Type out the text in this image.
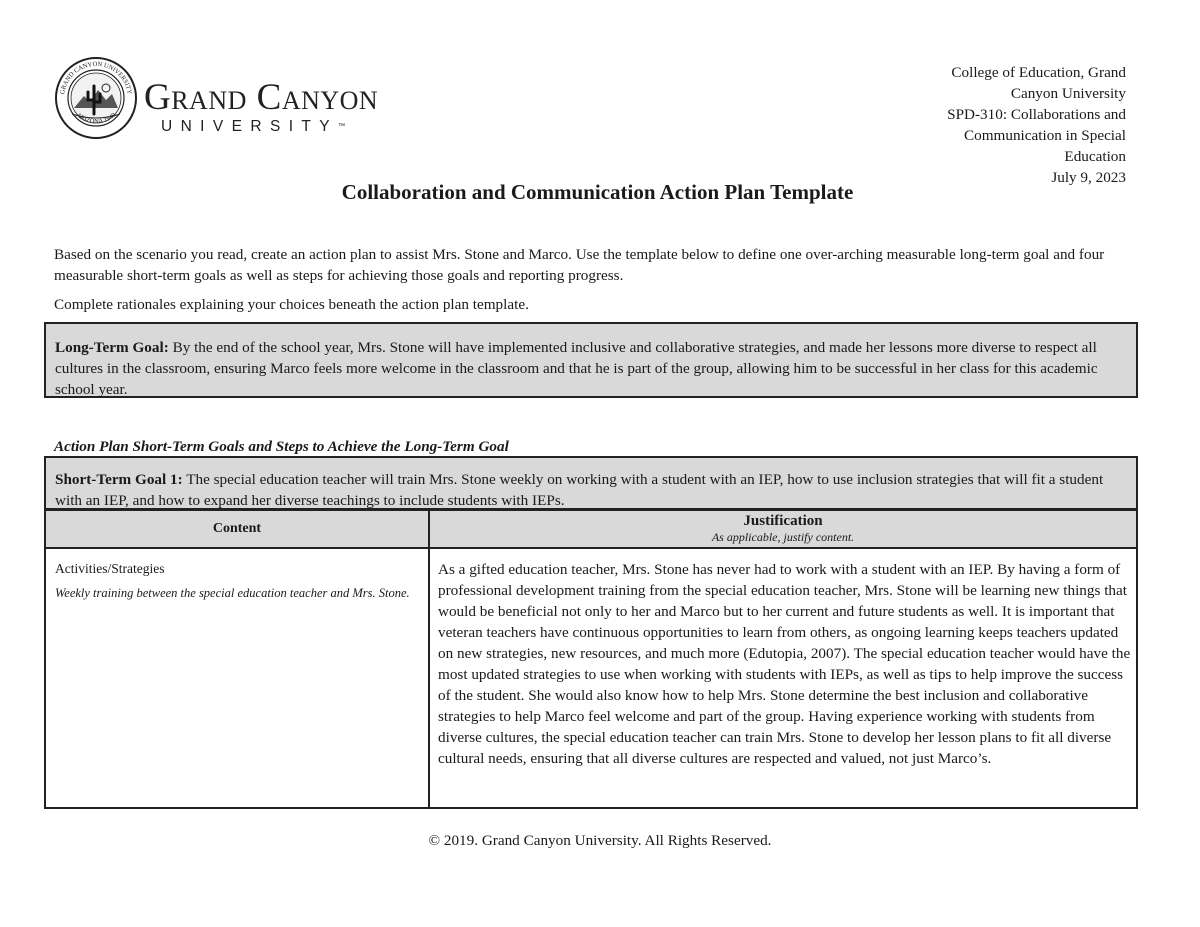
GRAND CANYON UNIVERSITY
ARIZONA 1949 Grand Canyon
UNIVERSITY™
College of Education, Grand
Canyon University
SPD-310: Collaborations and
Communication in Special
Education
July 9, 2023
Collaboration and Communication Action Plan Template
Based on the scenario you read, create an action plan to assist Mrs. Stone and Marco. Use the template below to define one over-arching measurable long-term goal and four measurable short-term goals as well as steps for achieving those goals and reporting progress.
Complete rationales explaining your choices beneath the action plan template.
Long-Term Goal: By the end of the school year, Mrs. Stone will have implemented inclusive and collaborative strategies, and made her lessons more diverse to respect all cultures in the classroom, ensuring Marco feels more welcome in the classroom and that he is part of the group, allowing him to be successful in her class for this academic school year.
Action Plan Short-Term Goals and Steps to Achieve the Long-Term Goal
Short-Term Goal 1: The special education teacher will train Mrs. Stone weekly on working with a student with an IEP, how to use inclusion strategies that will fit a student with an IEP, and how to expand her diverse teachings to include students with IEPs.
Content	Justification
As applicable, justify content.
Activities/Strategies
Weekly training between the special education teacher and Mrs. Stone.
As a gifted education teacher, Mrs. Stone has never had to work with a student with an IEP. By having a form of professional development training from the special education teacher, Mrs. Stone will be learning new things that would be beneficial not only to her and Marco but to her current and future students as well. It is important that veteran teachers have continuous opportunities to learn from others, as ongoing learning keeps teachers updated on new strategies, new resources, and much more (Edutopia, 2007). The special education teacher would have the most updated strategies to use when working with students with IEPs, as well as tips to help improve the success of the student. She would also know how to help Mrs. Stone determine the best inclusion and collaborative strategies to help Marco feel welcome and part of the group. Having experience working with students from diverse cultures, the special education teacher can train Mrs. Stone to develop her lesson plans to fit all diverse cultural needs, ensuring that all diverse cultures are respected and valued, not just Marco’s.
© 2019. Grand Canyon University. All Rights Reserved.
